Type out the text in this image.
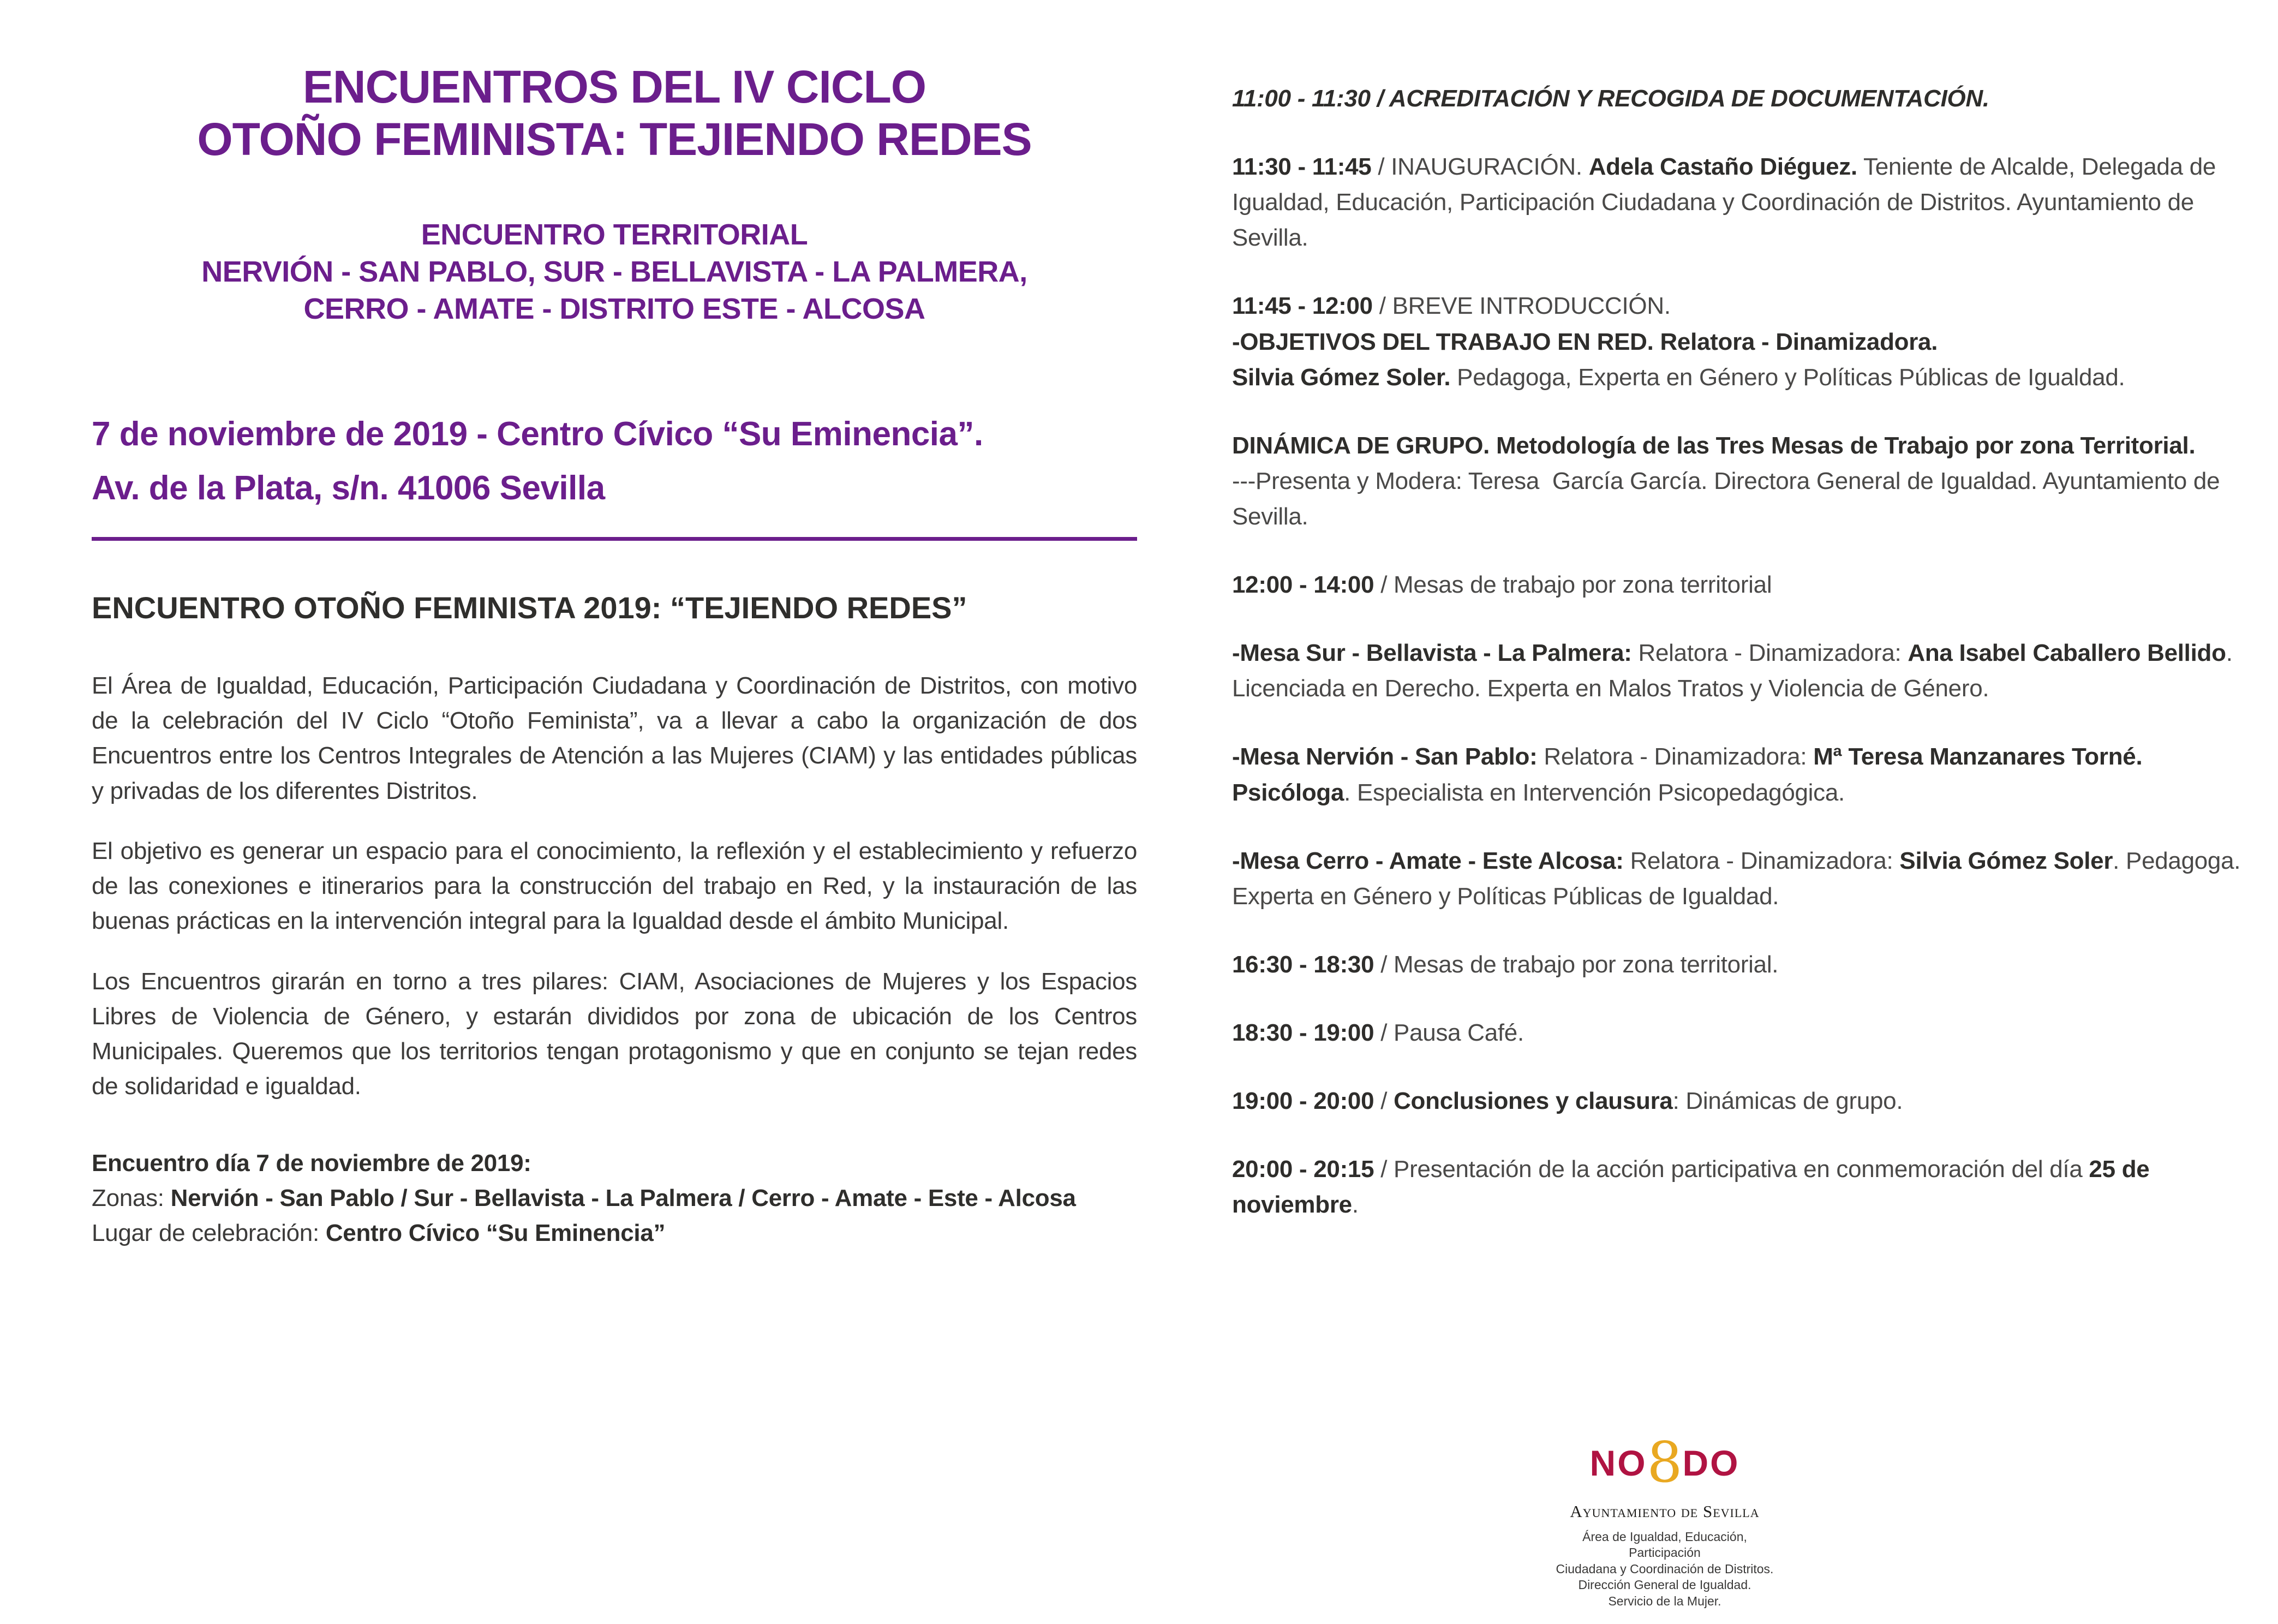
ENCUENTROS DEL IV CICLO
OTOÑO FEMINISTA: TEJIENDO REDES
ENCUENTRO TERRITORIAL
NERVIÓN - SAN PABLO, SUR - BELLAVISTA - LA PALMERA,
CERRO - AMATE - DISTRITO ESTE - ALCOSA
7 de noviembre de 2019 - Centro Cívico “Su Eminencia”.
Av. de la Plata, s/n. 41006 Sevilla
ENCUENTRO OTOÑO FEMINISTA 2019: “TEJIENDO REDES”
El Área de Igualdad, Educación, Participación Ciudadana y Coordinación de Distritos, con motivo de la celebración del IV Ciclo “Otoño Feminista”, va a llevar a cabo la organización de dos Encuentros entre los Centros Integrales de Atención a las Mujeres (CIAM) y las entidades públicas y privadas de los diferentes Distritos.
El objetivo es generar un espacio para el conocimiento, la reflexión y el establecimiento y refuerzo de las conexiones e itinerarios para la construcción del trabajo en Red, y la instauración de las buenas prácticas en la intervención integral para la Igualdad desde el ámbito Municipal.
Los Encuentros girarán en torno a tres pilares: CIAM, Asociaciones de Mujeres y los Espacios Libres de Violencia de Género, y estarán divididos por zona de ubicación de los Centros Municipales. Queremos que los territorios tengan protagonismo y que en conjunto se tejan redes de solidaridad e igualdad.
Encuentro día 7 de noviembre de 2019:
Zonas: Nervión - San Pablo / Sur - Bellavista - La Palmera / Cerro - Amate - Este - Alcosa
Lugar de celebración: Centro Cívico “Su Eminencia”
11:00 - 11:30 / ACREDITACIÓN Y RECOGIDA DE DOCUMENTACIÓN.
11:30 - 11:45 / INAUGURACIÓN. Adela Castaño Diéguez. Teniente de Alcalde, Delegada de Igualdad, Educación, Participación Ciudadana y Coordinación de Distritos. Ayuntamiento de Sevilla.
11:45 - 12:00 / BREVE INTRODUCCIÓN.
-OBJETIVOS DEL TRABAJO EN RED. Relatora - Dinamizadora.
Silvia Gómez Soler. Pedagoga, Experta en Género y Políticas Públicas de Igualdad.
DINÁMICA DE GRUPO. Metodología de las Tres Mesas de Trabajo por zona Territorial.
---Presenta y Modera: Teresa  García García. Directora General de Igualdad. Ayuntamiento de Sevilla.
12:00 - 14:00 / Mesas de trabajo por zona territorial
-Mesa Sur - Bellavista - La Palmera: Relatora - Dinamizadora: Ana Isabel Caballero Bellido. Licenciada en Derecho. Experta en Malos Tratos y Violencia de Género.
-Mesa Nervión - San Pablo: Relatora - Dinamizadora: Mª Teresa Manzanares Torné. Psicóloga. Especialista en Intervención Psicopedagógica.
-Mesa Cerro - Amate - Este Alcosa: Relatora - Dinamizadora: Silvia Gómez Soler. Pedagoga. Experta en Género y Políticas Públicas de Igualdad.
16:30 - 18:30 / Mesas de trabajo por zona territorial.
18:30 - 19:00 / Pausa Café.
19:00 - 20:00 / Conclusiones y clausura: Dinámicas de grupo.
20:00 - 20:15 / Presentación de la acción participativa en conmemoración del día 25 de noviembre.
NO8DO
Ayuntamiento de Sevilla
Área de Igualdad, Educación, Participación
Ciudadana y Coordinación de Distritos.
Dirección General de Igualdad.
Servicio de la Mujer.
